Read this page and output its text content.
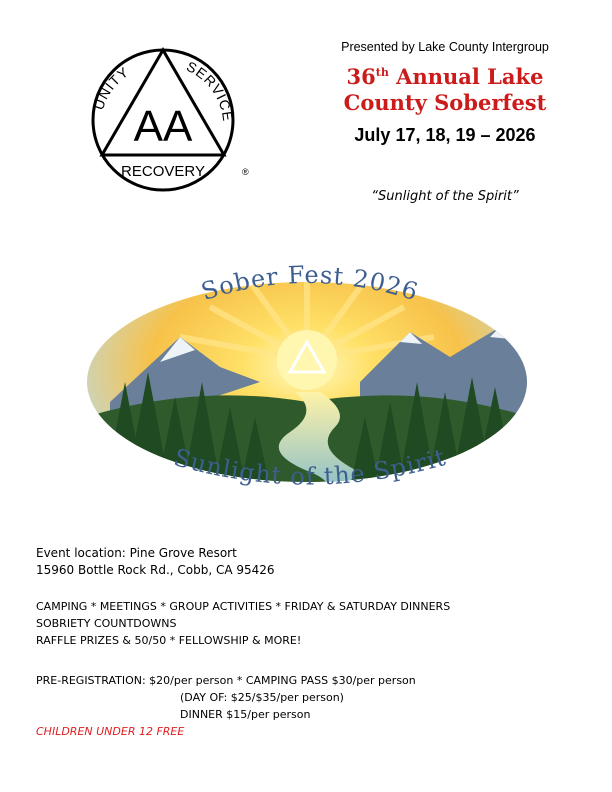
AA
UNITY	SERVICE
RECOVERY	®
Presented by Lake County Intergroup
36th Annual Lake
County Soberfest
July 17, 18, 19 – 2026
“Sunlight of the Spirit”
Sober Fest 2026
Sunlight of the Spirit
Event location: Pine Grove Resort
15960 Bottle Rock Rd., Cobb, CA 95426
CAMPING * MEETINGS * GROUP ACTIVITIES * FRIDAY & SATURDAY DINNERS
SOBRIETY COUNTDOWNS
RAFFLE PRIZES & 50/50 * FELLOWSHIP & MORE!
PRE-REGISTRATION: $20/per person * CAMPING PASS $30/per person
(DAY OF: $25/$35/per person)
DINNER $15/per person
CHILDREN UNDER 12 FREE
